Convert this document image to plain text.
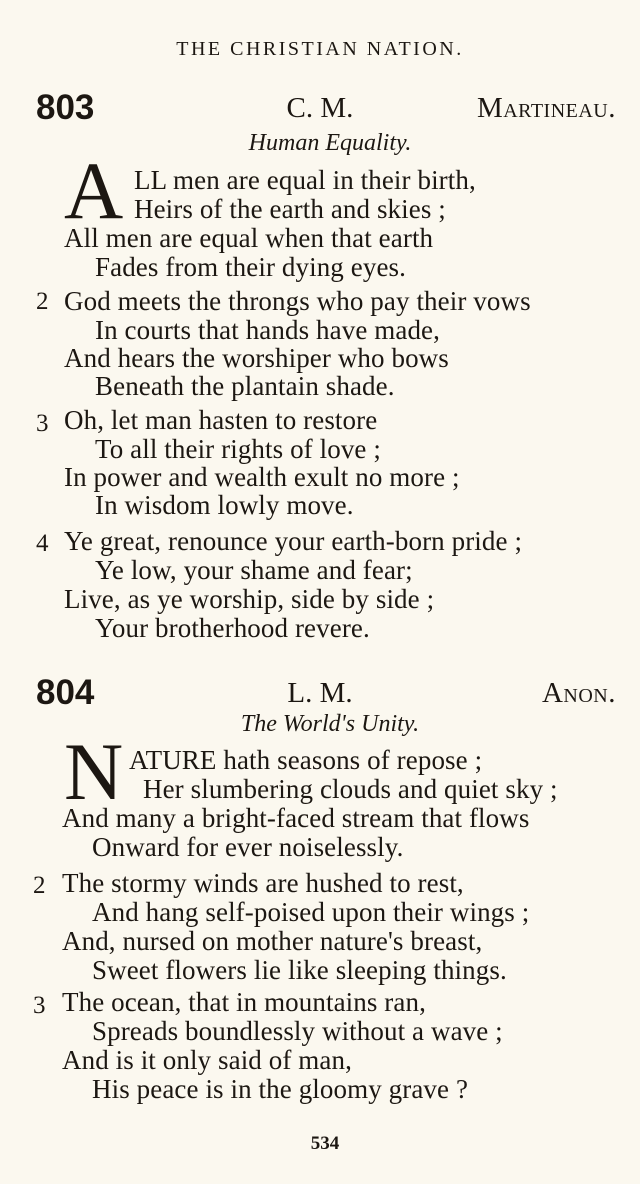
THE CHRISTIAN NATION.
803	C. M.	Martineau.
Human Equality.
A LL men are equal in their birth,
Heirs of the earth and skies ;
All men are equal when that earth
Fades from their dying eyes.
2 God meets the throngs who pay their vows
In courts that hands have made,
And hears the worshiper who bows
Beneath the plantain shade.
3 Oh, let man hasten to restore
To all their rights of love ;
In power and wealth exult no more ;
In wisdom lowly move.
4 Ye great, renounce your earth-born pride ;
Ye low, your shame and fear;
Live, as ye worship, side by side ;
Your brotherhood revere.
804	L. M.	Anon.
The World's Unity.
N ATURE hath seasons of repose ;
Her slumbering clouds and quiet sky ;
And many a bright-faced stream that flows
Onward for ever noiselessly.
2 The stormy winds are hushed to rest,
And hang self-poised upon their wings ;
And, nursed on mother nature's breast,
Sweet flowers lie like sleeping things.
3 The ocean, that in mountains ran,
Spreads boundlessly without a wave ;
And is it only said of man,
His peace is in the gloomy grave ?
534
